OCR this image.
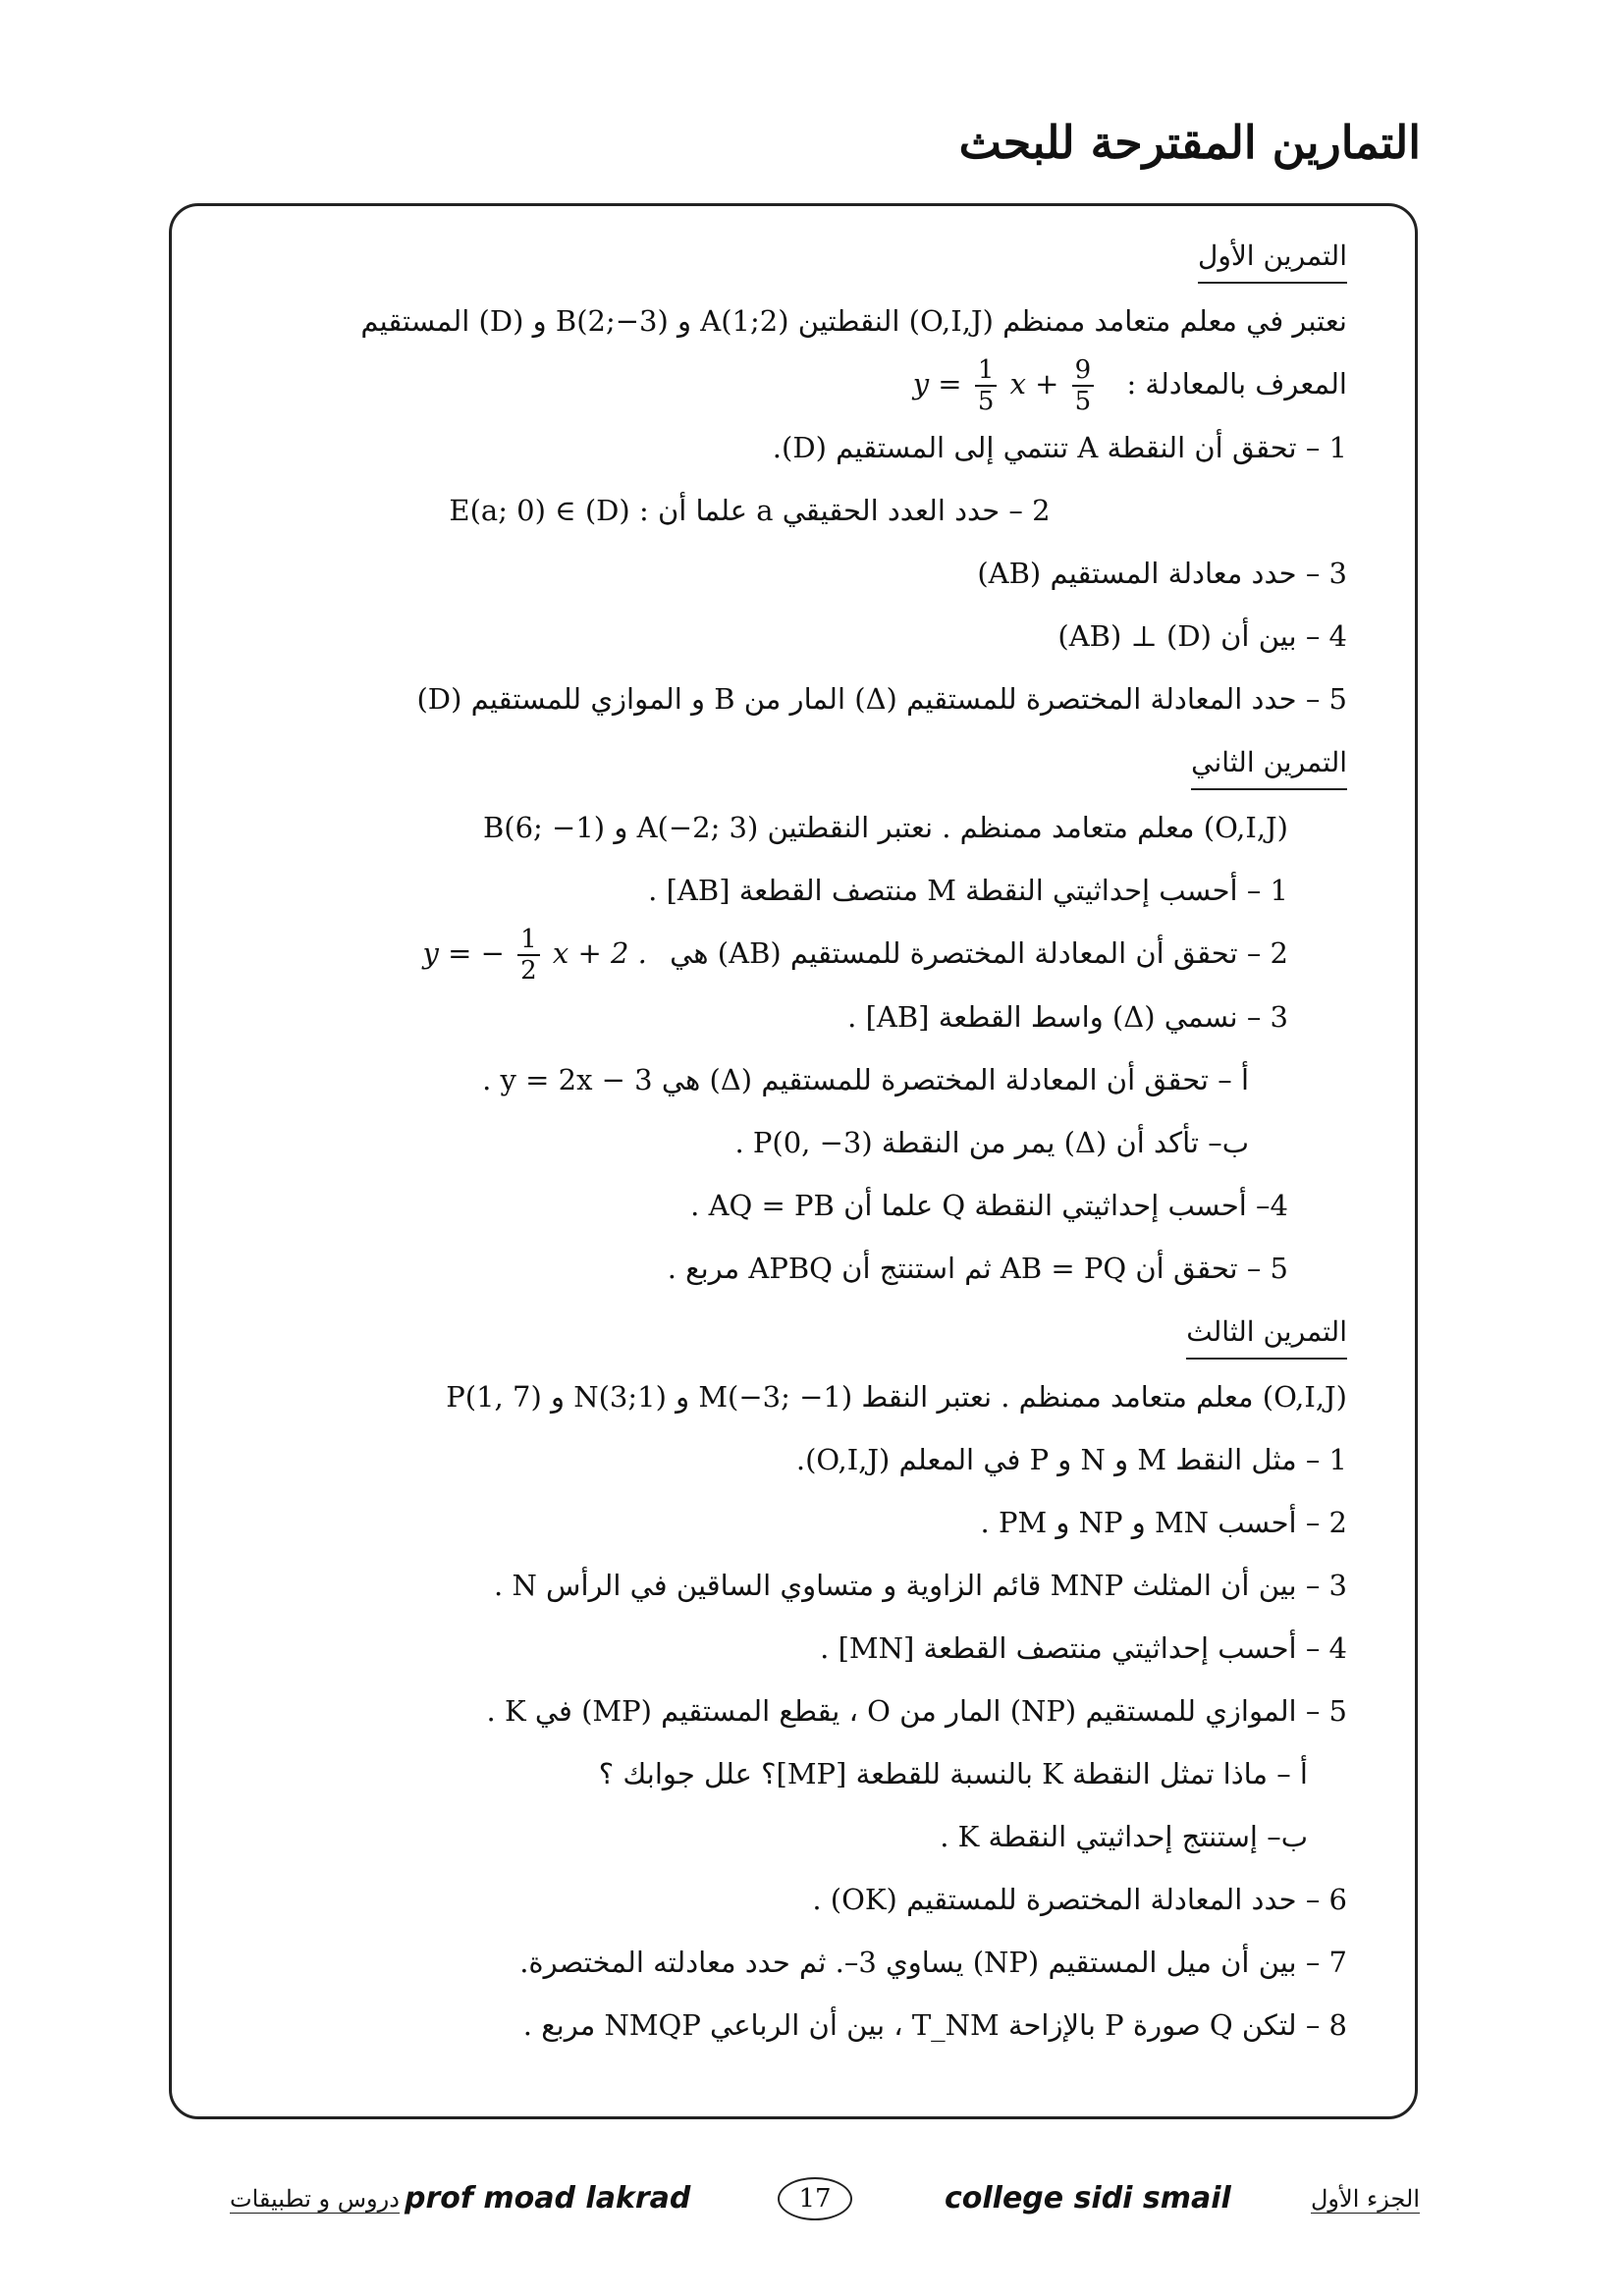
التمارين المقترحة للبحث
التمرين الأول
نعتبر في معلم متعامد ممنظم (O,I,J) النقطتين A(1;2) و B(2;−3) و (D) المستقيم
المعرف بالمعادلة : $y = \frac{1}{5}$ $x + \frac{9}{5}$
1 – تحقق أن النقطة A تنتمي إلى المستقيم (D).
2 – حدد العدد الحقيقي a علما أن : E(a; 0) ∈ (D)
3 – حدد معادلة المستقيم (AB)
4 – بين أن (D) ⊥ (AB)
5 – حدد المعادلة المختصرة للمستقيم (Δ) المار من B و الموازي للمستقيم (D)
التمرين الثاني
(O,I,J) معلم متعامد ممنظم . نعتبر النقطتين A(−2; 3) و B(6; −1)
1 – أحسب إحداثيتي النقطة M منتصف القطعة [AB] .
2 – تحقق أن المعادلة المختصرة للمستقيم (AB) هي y = − $\frac{1}{2}$ x + 2 .
3 – نسمي (Δ) واسط القطعة [AB] .
أ – تحقق أن المعادلة المختصرة للمستقيم (Δ) هي y = 2x − 3 .
ب– تأكد أن (Δ) يمر من النقطة P(0, −3) .
4– أحسب إحداثيتي النقطة Q علما أن AQ = PB .
5 – تحقق أن AB = PQ ثم استنتج أن APBQ مربع .
التمرين الثالث
(O,I,J) معلم متعامد ممنظم . نعتبر النقط M(−3; −1) و N(3;1) و P(1, 7)
1 – مثل النقط M و N و P في المعلم (O,I,J).
2 – أحسب MN و NP و PM .
3 – بين أن المثلث MNP قائم الزاوية و متساوي الساقين في الرأس N .
4 – أحسب إحداثيتي منتصف القطعة [MN] .
5 – الموازي للمستقيم (NP) المار من O ، يقطع المستقيم (MP) في K .
أ – ماذا تمثل النقطة K بالنسبة للقطعة [MP]؟ علل جوابك ؟
ب– إستنتج إحداثيتي النقطة K .
6 – حدد المعادلة المختصرة للمستقيم (OK) .
7 – بين أن ميل المستقيم (NP) يساوي 3–. ثم حدد معادلته المختصرة.
8 – لتكن Q صورة P بالإزاحة T_NM ، بين أن الرباعي NMQP مربع .
دروس و تطبيقات prof moad lakrad	17	college sidi smail	الجزء الأول
